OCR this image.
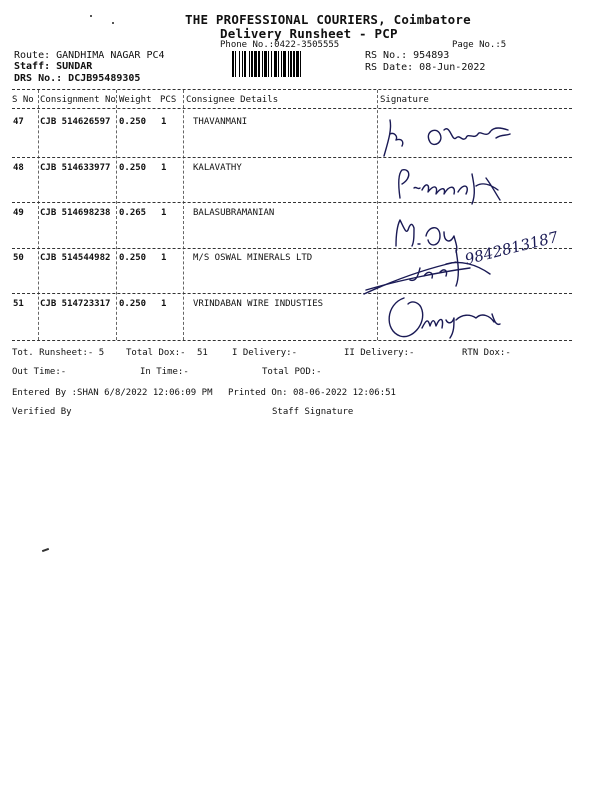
THE PROFESSIONAL COURIERS, Coimbatore
Delivery Runsheet - PCP
Phone No.:0422-3505555	Page No.:5
Route: GANDHIMA NAGAR PC4
Staff: SUNDAR
DRS No.: DCJB95489305
RS No.: 954893
RS Date: 08-Jun-2022
S No Consignment No Weight PCS Consignee Details	Signature
47 CJB 514626597 0.250 1	THAVANMANI
48 CJB 514633977 0.250 1	KALAVATHY
49 CJB 514698238 0.265 1	BALASUBRAMANIAN
50 CJB 514544982 0.250 1	M/S OSWAL MINERALS LTD
51 CJB 514723317 0.250 1	VRINDABAN WIRE INDUSTIES
9842813187
Tot. Runsheet:- 5 Total Dox:- 51	I Delivery:-	II Delivery:-	RTN Dox:-
Out Time:-	In Time:-	Total POD:-
Entered By :SHAN 6/8/2022 12:06:09 PM Printed On: 08-06-2022 12:06:51
Verified By	Staff Signature
